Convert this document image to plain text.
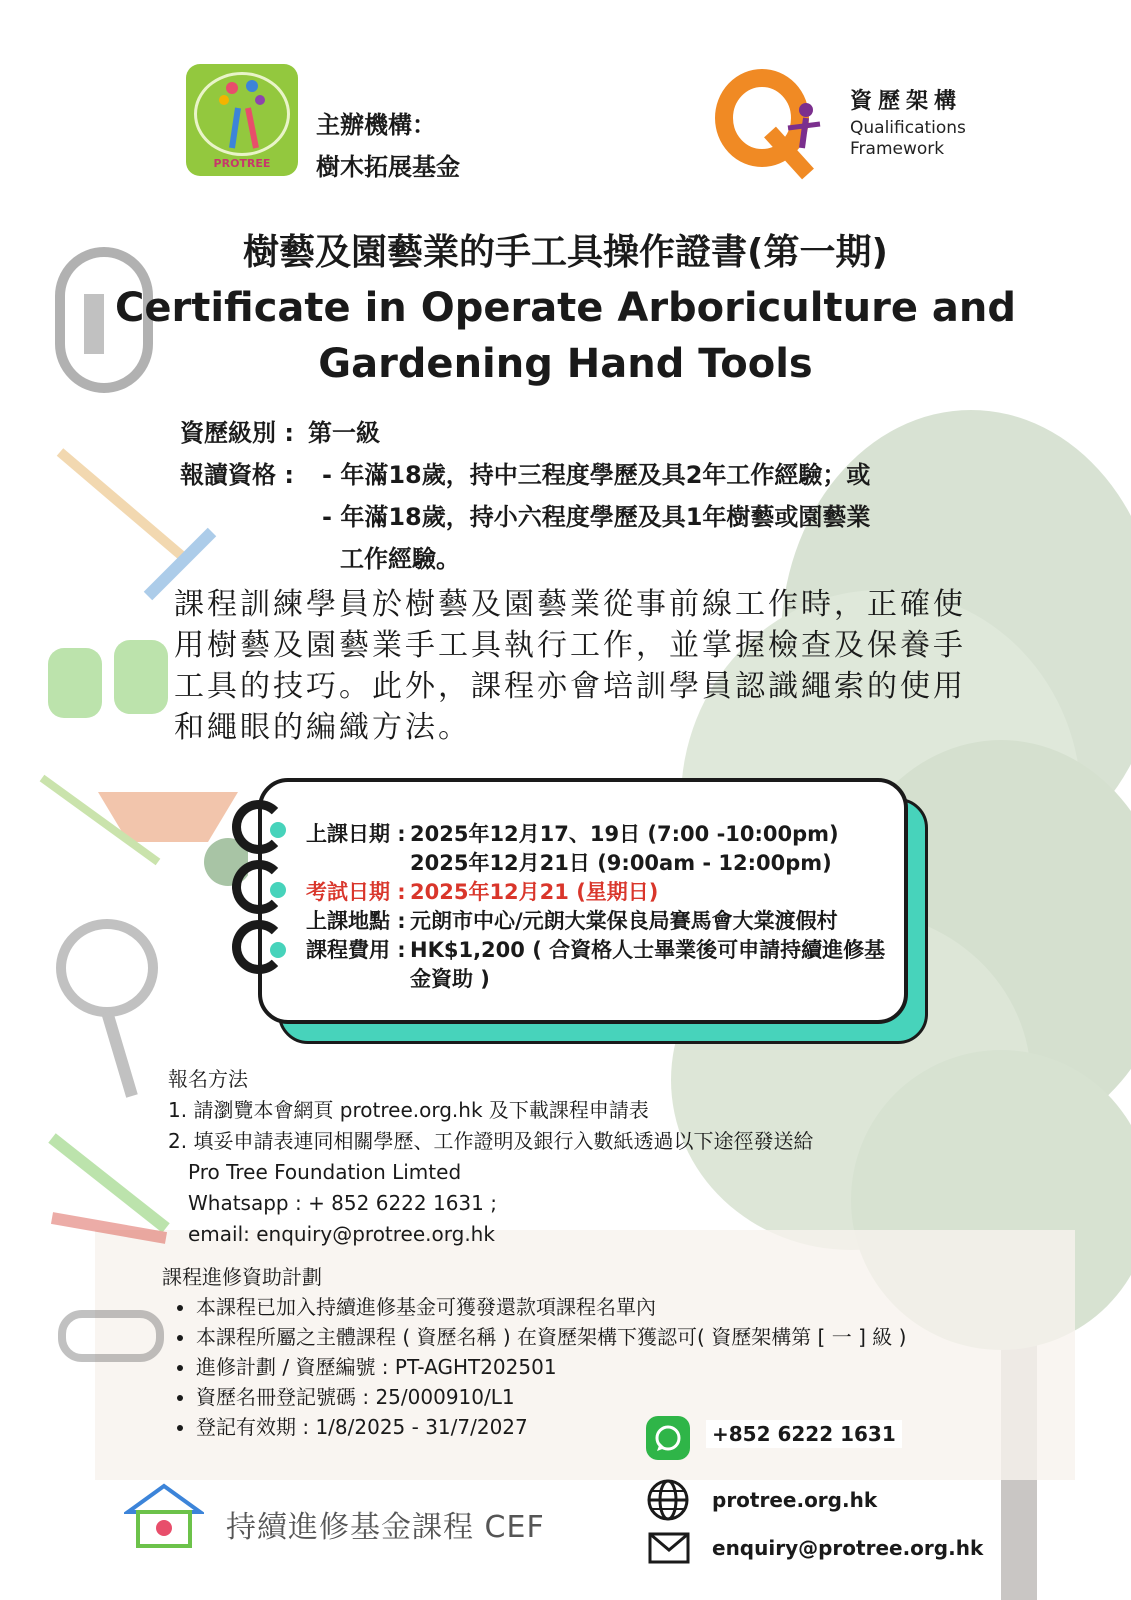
PROTREE
主辦機構：
樹木拓展基金
資歷架構
Qualifications
Framework
樹藝及園藝業的手工具操作證書(第一期)
Certificate in Operate Arboriculture and
Gardening Hand Tools
資歷級別 : 第一級
報讀資格 :	- 年滿18歲，持中三程度學歷及具2年工作經驗；或
- 年滿18歲，持小六程度學歷及具1年樹藝或園藝業
工作經驗。
課程訓練學員於樹藝及園藝業從事前線工作時，正確使用樹藝及園藝業手工具執行工作，並掌握檢查及保養手工具的技巧。此外，課程亦會培訓學員認識繩索的使用和繩眼的編織方法。
上課日期 : 2025年12月17、19日 (7:00 -10:00pm)
2025年12月21日 (9:00am - 12:00pm)
考試日期 : 2025年12月21 (星期日)
上課地點 : 元朗市中心/元朗大棠保良局賽馬會大棠渡假村
課程費用 : HK$1,200 ( 合資格人士畢業後可申請持續進修基金資助 )
報名方法
1. 請瀏覽本會網頁 protree.org.hk 及下載課程申請表
2. 填妥申請表連同相關學歷、工作證明及銀行入數紙透過以下途徑發送給
Pro Tree Foundation Limted
Whatsapp : + 852 6222 1631 ;
email: enquiry@protree.org.hk
課程進修資助計劃
• 本課程已加入持續進修基金可獲發還款項課程名單內
• 本課程所屬之主體課程 ( 資歷名稱 ) 在資歷架構下獲認可( 資歷架構第 [ 一 ] 級 )
• 進修計劃 / 資歷編號 : PT-AGHT202501
• 資歷名冊登記號碼 : 25/000910/L1
• 登記有效期 : 1/8/2025 - 31/7/2027	+852 6222 1631
protree.org.hk
enquiry@protree.org.hk
持續進修基金課程 CEF
